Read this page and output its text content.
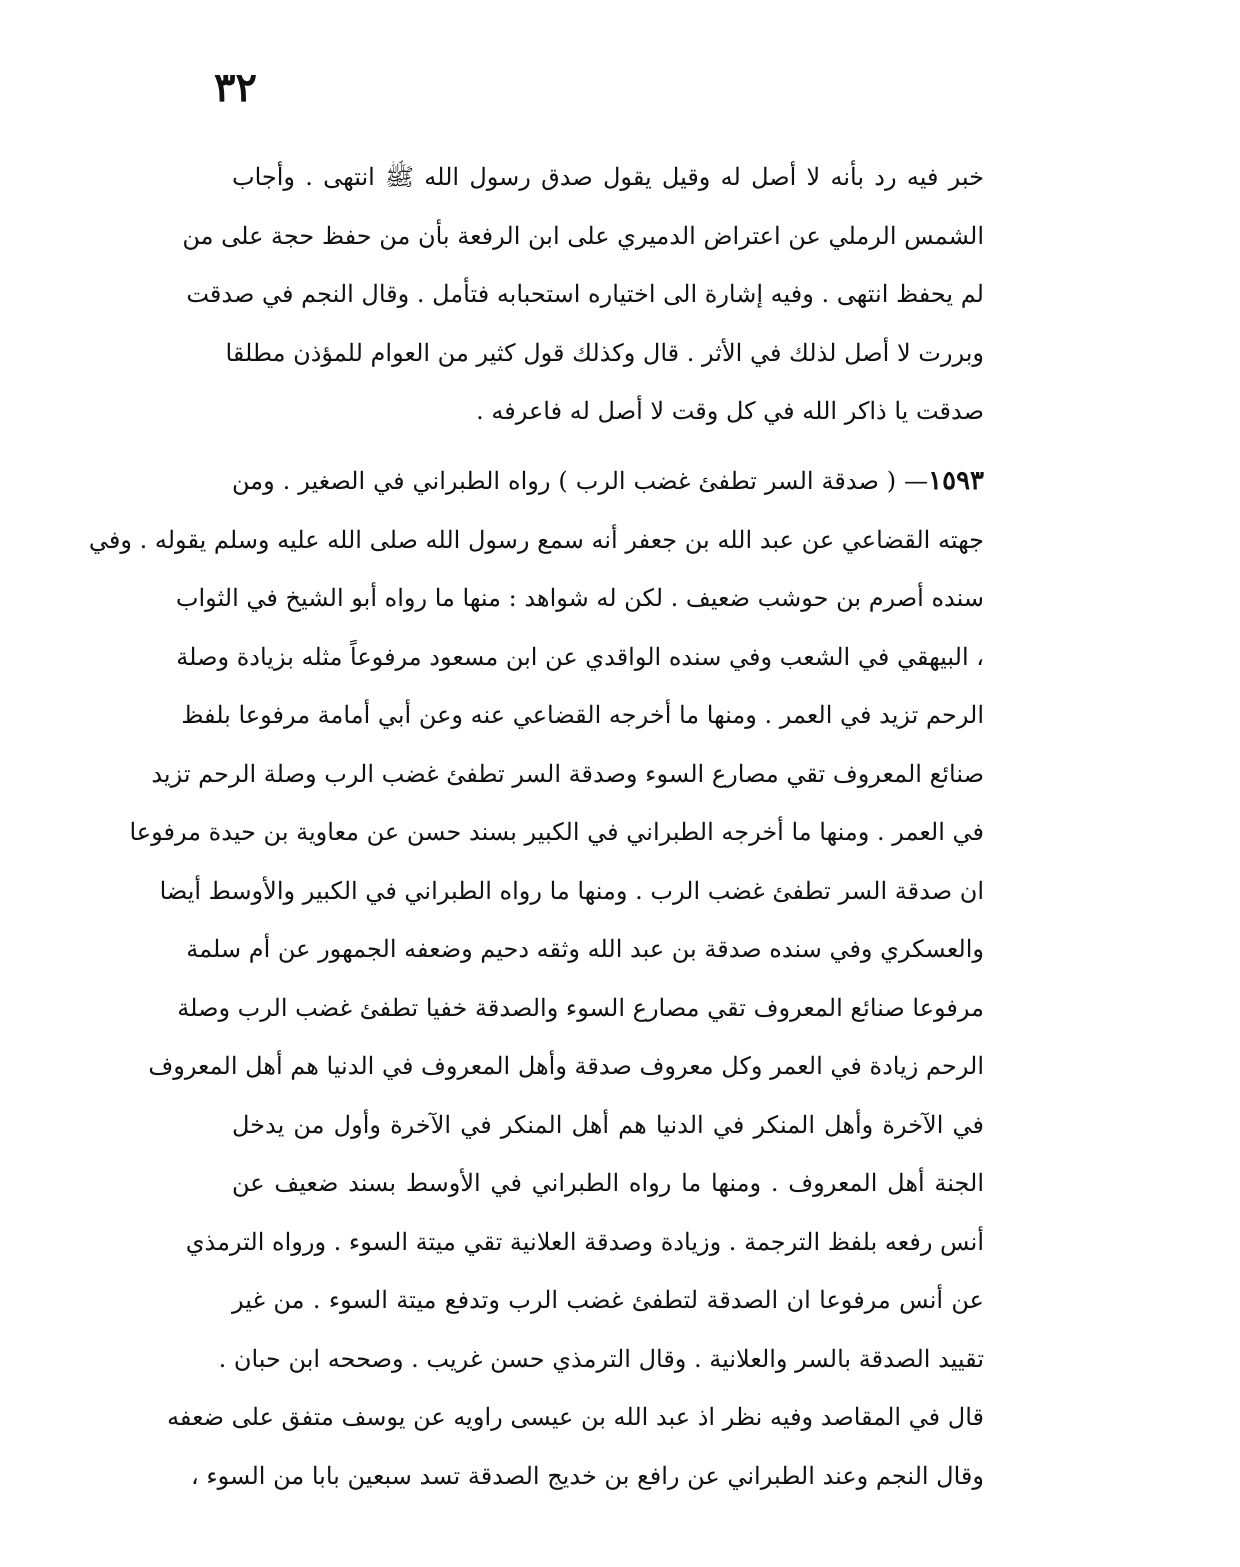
٣٢
خبر فيه رد بأنه لا أصل له وقيل يقول صدق رسول الله ﷺ انتهى . وأجاب
الشمس الرملي عن اعتراض الدميري على ابن الرفعة بأن من حفظ حجة على من
لم يحفظ انتهى . وفيه إشارة الى اختياره استحبابه فتأمل . وقال النجم في صدقت
وبررت لا أصل لذلك في الأثر . قال وكذلك قول كثير من العوام للمؤذن مطلقا
صدقت يا ذاكر الله في كل وقت لا أصل له فاعرفه .
١٥٩٣— ( صدقة السر تطفئ غضب الرب ) رواه الطبراني في الصغير . ومن
جهته القضاعي عن عبد الله بن جعفر أنه سمع رسول الله صلى الله عليه وسلم يقوله . وفي
سنده أصرم بن حوشب ضعيف . لكن له شواهد : منها ما رواه أبو الشيخ في الثواب
، البيهقي في الشعب وفي سنده الواقدي عن ابن مسعود مرفوعاً مثله بزيادة وصلة
الرحم تزيد في العمر . ومنها ما أخرجه القضاعي عنه وعن أبي أمامة مرفوعا بلفظ
صنائع المعروف تقي مصارع السوء وصدقة السر تطفئ غضب الرب وصلة الرحم تزيد
في العمر . ومنها ما أخرجه الطبراني في الكبير بسند حسن عن معاوية بن حيدة مرفوعا
ان صدقة السر تطفئ غضب الرب . ومنها ما رواه الطبراني في الكبير والأوسط أيضا
والعسكري وفي سنده صدقة بن عبد الله وثقه دحيم وضعفه الجمهور عن أم سلمة
مرفوعا صنائع المعروف تقي مصارع السوء والصدقة خفيا تطفئ غضب الرب وصلة
الرحم زيادة في العمر وكل معروف صدقة وأهل المعروف في الدنيا هم أهل المعروف
في الآخرة وأهل المنكر في الدنيا هم أهل المنكر في الآخرة وأول من يدخل
الجنة أهل المعروف . ومنها ما رواه الطبراني في الأوسط بسند ضعيف عن
أنس رفعه بلفظ الترجمة . وزيادة وصدقة العلانية تقي ميتة السوء . ورواه الترمذي
عن أنس مرفوعا ان الصدقة لتطفئ غضب الرب وتدفع ميتة السوء . من غير
تقييد الصدقة بالسر والعلانية . وقال الترمذي حسن غريب . وصححه ابن حبان .
قال في المقاصد وفيه نظر اذ عبد الله بن عيسى راويه عن يوسف متفق على ضعفه
وقال النجم وعند الطبراني عن رافع بن خديج الصدقة تسد سبعين بابا من السوء ،
